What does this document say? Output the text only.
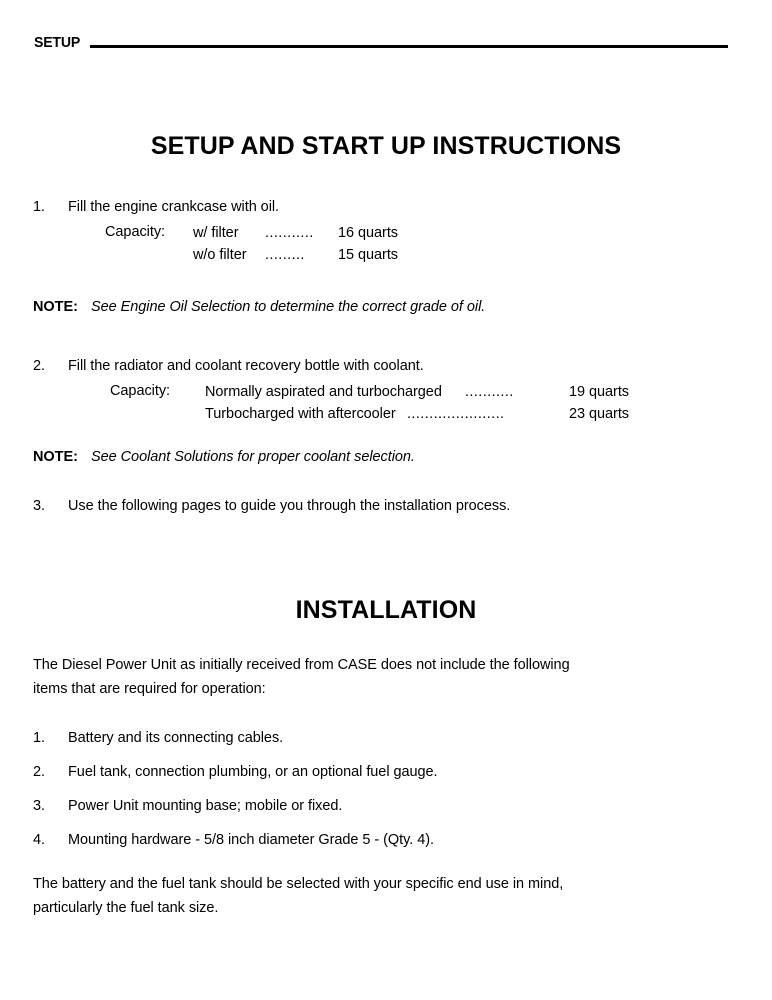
SETUP
SETUP AND START UP INSTRUCTIONS
1.	Fill the engine crankcase with oil.
Capacity:	w/ filter	...........	16 quarts
w/o filter	.........	15 quarts
NOTE: See Engine Oil Selection to determine the correct grade of oil.
2.	Fill the radiator and coolant recovery bottle with coolant.
Capacity:	Normally aspirated and turbocharged	...........	19 quarts
Turbocharged with aftercooler ......................	23 quarts
NOTE: See Coolant Solutions for proper coolant selection.
3.	Use the following pages to guide you through the installation process.
INSTALLATION
The Diesel Power Unit as initially received from CASE does not include the following
items that are required for operation:
1.	Battery and its connecting cables.
2.	Fuel tank, connection plumbing, or an optional fuel gauge.
3.	Power Unit mounting base; mobile or fixed.
4.	Mounting hardware - 5/8 inch diameter Grade 5 - (Qty. 4).
The battery and the fuel tank should be selected with your specific end use in mind,
particularly the fuel tank size.
